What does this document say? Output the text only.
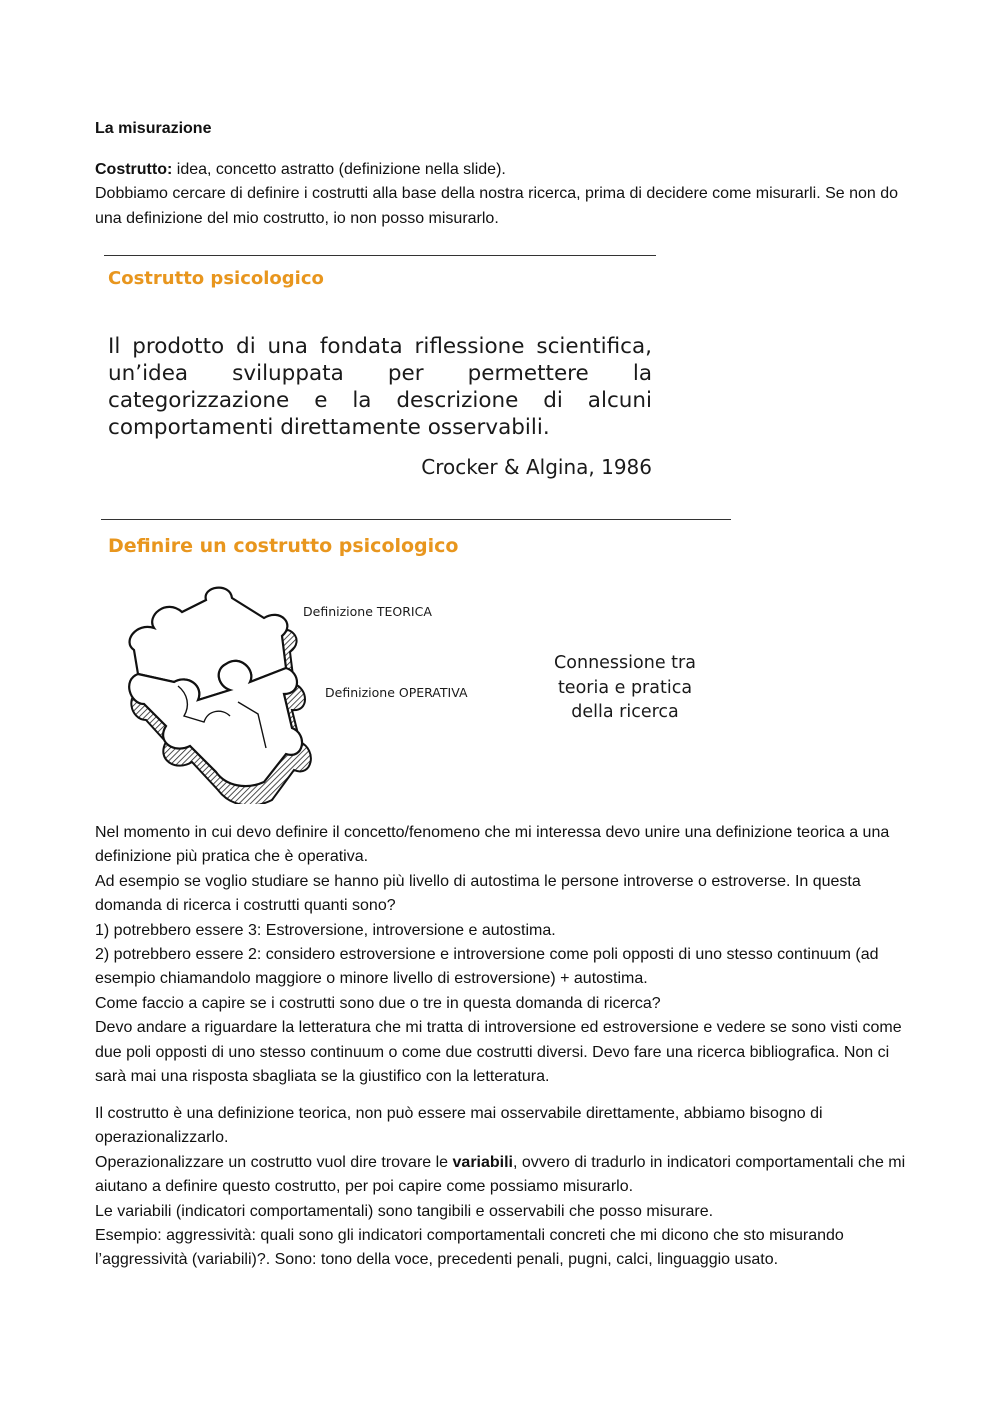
La misurazione
Costrutto: idea, concetto astratto (definizione nella slide).
Dobbiamo cercare di definire i costrutti alla base della nostra ricerca, prima di decidere come misurarli. Se non do una definizione del mio costrutto, io non posso misurarlo.
Costrutto psicologico
Il prodotto di una fondata riflessione scientifica, un’idea sviluppata per permettere la categorizzazione e la descrizione di alcuni comportamenti direttamente osservabili.
Crocker & Algina, 1986
Definire un costrutto psicologico
Definizione TEORICA
Definizione OPERATIVA
Connessione tra
teoria e pratica
della ricerca
Nel momento in cui devo definire il concetto/fenomeno che mi interessa devo unire una definizione teorica a una definizione più pratica che è operativa.
Ad esempio se voglio studiare se hanno più livello di autostima le persone introverse o estroverse. In questa domanda di ricerca i costrutti quanti sono?
1) potrebbero essere 3: Estroversione, introversione e autostima.
2) potrebbero essere 2: considero estroversione e introversione come poli opposti di uno stesso continuum (ad esempio chiamandolo maggiore o minore livello di estroversione) + autostima.
Come faccio a capire se i costrutti sono due o tre in questa domanda di ricerca?
Devo andare a riguardare la letteratura che mi tratta di introversione ed estroversione e vedere se sono visti come due poli opposti di uno stesso continuum o come due costrutti diversi. Devo fare una ricerca bibliografica. Non ci sarà mai una risposta sbagliata se la giustifico con la letteratura.
Il costrutto è una definizione teorica, non può essere mai osservabile direttamente, abbiamo bisogno di operazionalizzarlo.
Operazionalizzare un costrutto vuol dire trovare le variabili, ovvero di tradurlo in indicatori comportamentali che mi aiutano a definire questo costrutto, per poi capire come possiamo misurarlo.
Le variabili (indicatori comportamentali) sono tangibili e osservabili che posso misurare.
Esempio: aggressività: quali sono gli indicatori comportamentali concreti che mi dicono che sto misurando l’aggressività (variabili)?. Sono: tono della voce, precedenti penali, pugni, calci, linguaggio usato.
